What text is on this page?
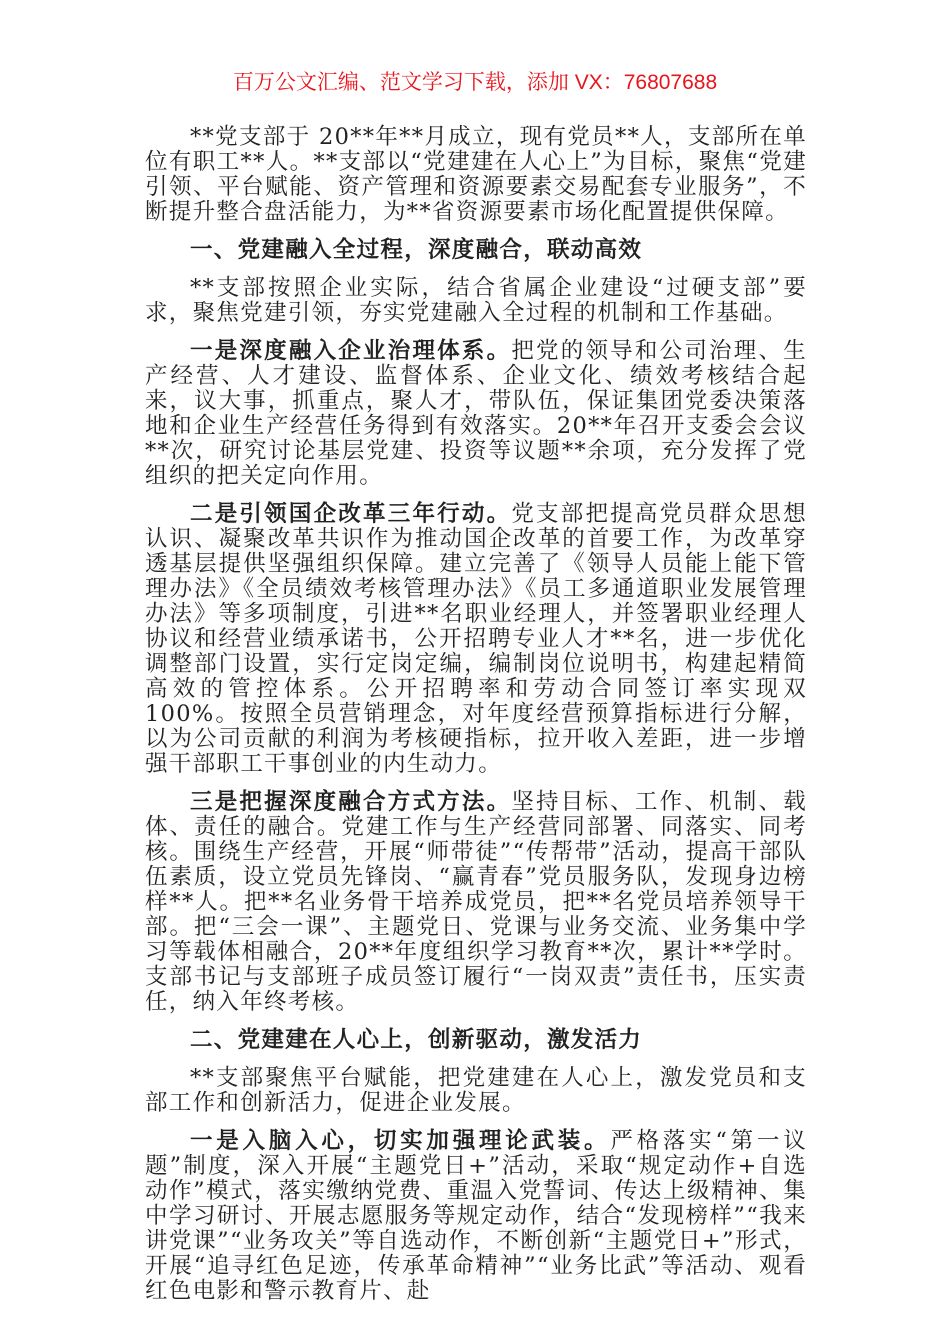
百万公文汇编、范文学习下载，添加 VX：76807688

**党支部于 20**年**月成立，现有党员**人，支部所在单位有职工**人。**支部以“党建建在人心上”为目标，聚焦“党建引领、平台赋能、资产管理和资源要素交易配套专业服务”，不断提升整合盘活能力，为**省资源要素市场化配置提供保障。

一、党建融入全过程，深度融合，联动高效

**支部按照企业实际，结合省属企业建设“过硬支部”要求，聚焦党建引领，夯实党建融入全过程的机制和工作基础。

一是深度融入企业治理体系。把党的领导和公司治理、生产经营、人才建设、监督体系、企业文化、绩效考核结合起来，议大事，抓重点，聚人才，带队伍，保证集团党委决策落地和企业生产经营任务得到有效落实。20**年召开支委会会议**次，研究讨论基层党建、投资等议题**余项，充分发挥了党组织的把关定向作用。

二是引领国企改革三年行动。党支部把提高党员群众思想认识、凝聚改革共识作为推动国企改革的首要工作，为改革穿透基层提供坚强组织保障。建立完善了《领导人员能上能下管理办法》《全员绩效考核管理办法》《员工多通道职业发展管理办法》等多项制度，引进**名职业经理人，并签署职业经理人协议和经营业绩承诺书，公开招聘专业人才**名，进一步优化调整部门设置，实行定岗定编，编制岗位说明书，构建起精简高效的管控体系。公开招聘率和劳动合同签订率实现双 100%。按照全员营销理念，对年度经营预算指标进行分解，以为公司贡献的利润为考核硬指标，拉开收入差距，进一步增强干部职工干事创业的内生动力。

三是把握深度融合方式方法。坚持目标、工作、机制、载体、责任的融合。党建工作与生产经营同部署、同落实、同考核。围绕生产经营，开展“师带徒”“传帮带”活动，提高干部队伍素质，设立党员先锋岗、“赢青春”党员服务队，发现身边榜样**人。把**名业务骨干培养成党员，把**名党员培养领导干部。把“三会一课”、主题党日、党课与业务交流、业务集中学习等载体相融合，20**年度组织学习教育**次，累计**学时。支部书记与支部班子成员签订履行“一岗双责”责任书，压实责任，纳入年终考核。

二、党建建在人心上，创新驱动，激发活力

**支部聚焦平台赋能，把党建建在人心上，激发党员和支部工作和创新活力，促进企业发展。

一是入脑入心，切实加强理论武装。严格落实“第一议题”制度，深入开展“主题党日+”活动，采取“规定动作+自选动作”模式，落实缴纳党费、重温入党誓词、传达上级精神、集中学习研讨、开展志愿服务等规定动作，结合“发现榜样”“我来讲党课”“业务攻关”等自选动作，不断创新“主题党日+”形式，开展“追寻红色足迹，传承革命精神”“业务比武”等活动、观看红色电影和警示教育片、赴
